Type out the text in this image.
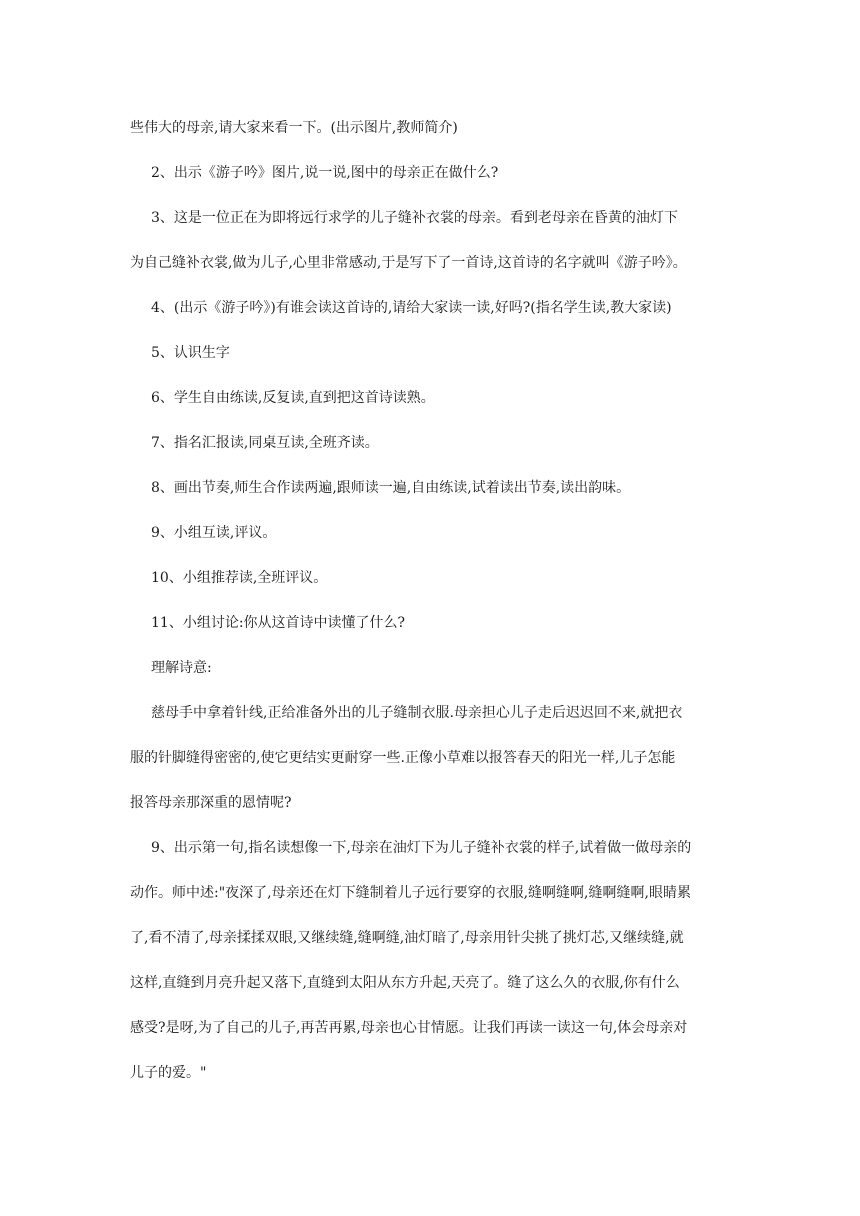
些伟大的母亲,请大家来看一下。(出示图片,教师简介)
2、出示《游子吟》图片,说一说,图中的母亲正在做什么?
3、这是一位正在为即将远行求学的儿子缝补衣裳的母亲。看到老母亲在昏黄的油灯下
为自己缝补衣裳,做为儿子,心里非常感动,于是写下了一首诗,这首诗的名字就叫《游子吟》。
4、(出示《游子吟》)有谁会读这首诗的,请给大家读一读,好吗?(指名学生读,教大家读)
5、认识生字
6、学生自由练读,反复读,直到把这首诗读熟。
7、指名汇报读,同桌互读,全班齐读。
8、画出节奏,师生合作读两遍,跟师读一遍,自由练读,试着读出节奏,读出韵味。
9、小组互读,评议。
10、小组推荐读,全班评议。
11、小组讨论:你从这首诗中读懂了什么?
理解诗意:
慈母手中拿着针线,正给准备外出的儿子缝制衣服.母亲担心儿子走后迟迟回不来,就把衣
服的针脚缝得密密的,使它更结实更耐穿一些.正像小草难以报答春天的阳光一样,儿子怎能
报答母亲那深重的恩情呢?
9、出示第一句,指名读想像一下,母亲在油灯下为儿子缝补衣裳的样子,试着做一做母亲的
动作。师中述:"夜深了,母亲还在灯下缝制着儿子远行要穿的衣服,缝啊缝啊,缝啊缝啊,眼睛累
了,看不清了,母亲揉揉双眼,又继续缝,缝啊缝,油灯暗了,母亲用针尖挑了挑灯芯,又继续缝,就
这样,直缝到月亮升起又落下,直缝到太阳从东方升起,天亮了。缝了这么久的衣服,你有什么
感受?是呀,为了自己的儿子,再苦再累,母亲也心甘情愿。让我们再读一读这一句,体会母亲对
儿子的爱。"
